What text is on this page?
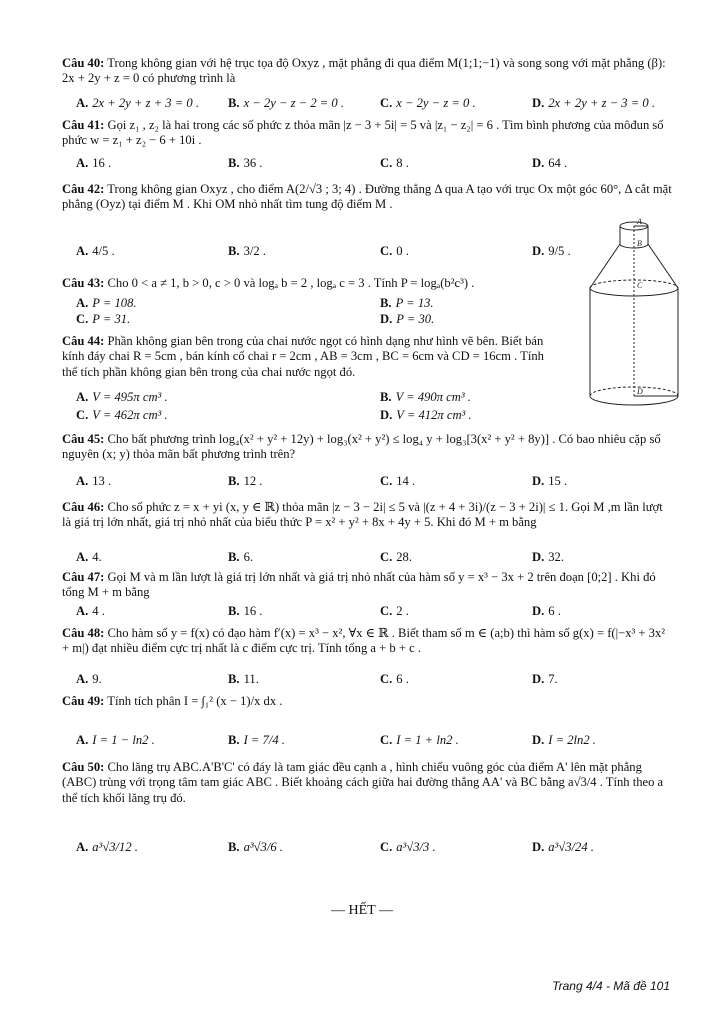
Câu 40: Trong không gian với hệ trục tọa độ Oxyz , mặt phẳng đi qua điểm M(1;1;−1) và song song với mặt phẳng (β): 2x + 2y + z = 0 có phương trình là

A. 2x + 2y + z + 3 = 0 . B. x − 2y − z − 2 = 0 .	C. x − 2y − z = 0 .	D. 2x + 2y + z − 3 = 0 .

Câu 41: Gọi z₁ , z₂ là hai trong các số phức z thỏa mãn |z − 3 + 5i| = 5 và |z₁ − z₂| = 6 . Tìm bình phương của môđun số phức w = z₁ + z₂ − 6 + 10i .

A. 16 .	B. 36 .	C. 8 .	D. 64 .

Câu 42: Trong không gian Oxyz , cho điểm A(2/√3 ; 3; 4) . Đường thẳng Δ qua A tạo với trục Ox một góc 60°, Δ cắt mặt phẳng (Oyz) tại điểm M . Khi OM nhỏ nhất tìm tung độ điểm M .

A. 4/5 .	B. 3/2 .	C. 0 .	D. 9/5 .

Câu 43: Cho 0 < a ≠ 1, b > 0, c > 0 và logₐ b = 2 , logₐ c = 3 . Tính P = logₐ(b²c³) .

A. P = 108.	B. P = 13.
C. P = 31.	D. P = 30.

Câu 44: Phần không gian bên trong của chai nước ngọt có hình dạng như hình vẽ bên. Biết bán kính đáy chai R = 5cm , bán kính cổ chai r = 2cm , AB = 3cm , BC = 6cm và CD = 16cm . Tính thể tích phần không gian bên trong của chai nước ngọt đó.

A. V = 495π cm³ .	B. V = 490π cm³ .
C. V = 462π cm³ .	D. V = 412π cm³ .

Câu 45: Cho bất phương trình log₄(x² + y² + 12y) + log₃(x² + y²) ≤ log₄ y + log₃[3(x² + y² + 8y)] . Có bao nhiêu cặp số nguyên (x; y) thỏa mãn bất phương trình trên?

A. 13 .	B. 12 .	C. 14 .	D. 15 .

Câu 46: Cho số phức z = x + yi (x, y ∈ ℝ) thỏa mãn |z − 3 − 2i| ≤ 5 và |(z + 4 + 3i)/(z − 3 + 2i)| ≤ 1. Gọi M ,m lần lượt là giá trị lớn nhất, giá trị nhỏ nhất của biểu thức P = x² + y² + 8x + 4y + 5. Khi đó M + m bằng

A. 4.	B. 6.	C. 28.	D. 32.

Câu 47: Gọi M và m lần lượt là giá trị lớn nhất và giá trị nhỏ nhất của hàm số y = x³ − 3x + 2 trên đoạn [0;2] . Khi đó tổng M + m bằng

A. 4 .	B. 16 .	C. 2 .	D. 6 .

Câu 48: Cho hàm số y = f(x) có đạo hàm f′(x) = x³ − x², ∀x ∈ ℝ . Biết tham số m ∈ (a;b) thì hàm số g(x) = f(|−x³ + 3x² + m|) đạt nhiều điểm cực trị nhất là c điểm cực trị. Tính tổng a + b + c .

A. 9.	B. 11.	C. 6 .	D. 7.

Câu 49: Tính tích phân I = ∫₁² (x − 1)/x dx .

A. I = 1 − ln2 .	B. I = 7/4 .	C. I = 1 + ln2 .	D. I = 2ln2 .

Câu 50: Cho lăng trụ ABC.A'B'C' có đáy là tam giác đều cạnh a , hình chiếu vuông góc của điểm A' lên mặt phẳng (ABC) trùng với trọng tâm tam giác ABC . Biết khoảng cách giữa hai đường thẳng AA' và BC bằng a√3/4 . Tính theo a thể tích khối lăng trụ đó.

A. a³√3/12 .	B. a³√3/6 .	C. a³√3/3 .	D. a³√3/24 .
A
B
C
D
— HẾT —
Trang 4/4 - Mã đề 101
